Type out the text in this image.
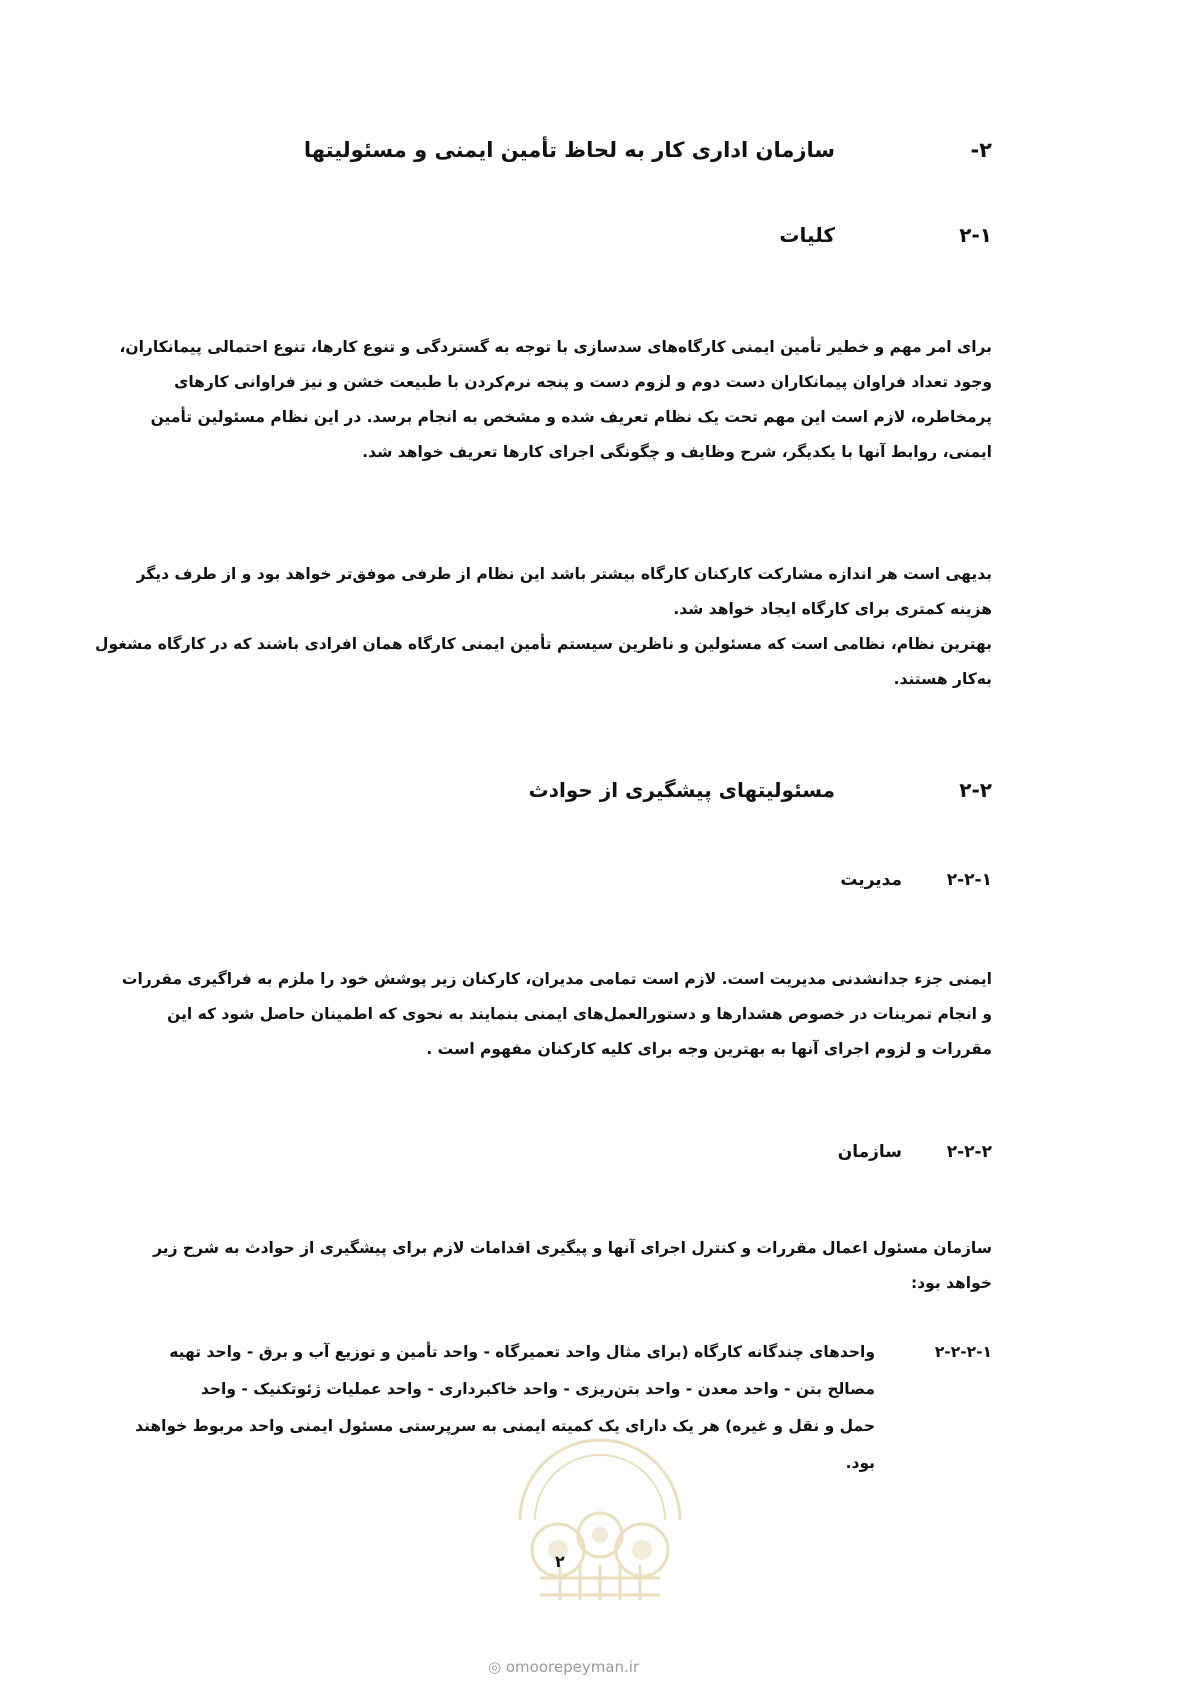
سازمان اداری کار به لحاظ تأمین ایمنی و مسئولیتها	۲-
کلیات	۲-۱
برای امر مهم و خطیر تأمین ایمنی کارگاه‌های سدسازی با توجه به گستردگی و تنوع کارها، تنوع احتمالی پیمانکاران،
وجود تعداد فراوان پیمانکاران دست دوم و لزوم دست و پنجه نرم‌کردن با طبیعت خشن و نیز فراوانی کارهای
پرمخاطره، لازم است این مهم تحت یک نظام تعریف شده و مشخص به انجام برسد. در این نظام مسئولین تأمین
ایمنی، روابط آنها با یکدیگر، شرح وظایف و چگونگی اجرای کارها تعریف خواهد شد.
بدیهی است هر اندازه مشارکت کارکنان کارگاه بیشتر باشد این نظام از طرفی موفق‌تر خواهد بود و از طرف دیگر
هزینه کمتری برای کارگاه ایجاد خواهد شد.
بهترین نظام، نظامی است که مسئولین و ناظرین سیستم تأمین ایمنی کارگاه همان افرادی باشند که در کارگاه مشغول
به‌کار هستند.
مسئولیتهای پیشگیری از حوادث	۲-۲
مدیریت	۲-۲-۱
ایمنی جزء جدانشدنی مدیریت است. لازم است تمامی مدیران، کارکنان زیر پوشش خود را ملزم به فراگیری مقررات
و انجام تمرینات در خصوص هشدارها و دستورالعمل‌های ایمنی بنمایند به نحوی که اطمینان حاصل شود که این
مقررات و لزوم اجرای آنها به بهترین وجه برای کلیه کارکنان مفهوم است .
سازمان	۲-۲-۲
سازمان مسئول اعمال مقررات و کنترل اجرای آنها و پیگیری اقدامات لازم برای پیشگیری از حوادث به شرح زیر
خواهد بود:
۲-۲-۲-۱
واحدهای چندگانه کارگاه (برای مثال واحد تعمیرگاه - واحد تأمین و توزیع آب و برق - واحد تهیه
مصالح بتن - واحد معدن - واحد بتن‌ریزی - واحد خاکبرداری - واحد عملیات ژئوتکنیک - واحد
حمل و نقل و غیره) هر یک دارای یک کمیته ایمنی به سرپرستی مسئول ایمنی واحد مربوط خواهند
بود.
۲
◎ omoorepeyman.ir
